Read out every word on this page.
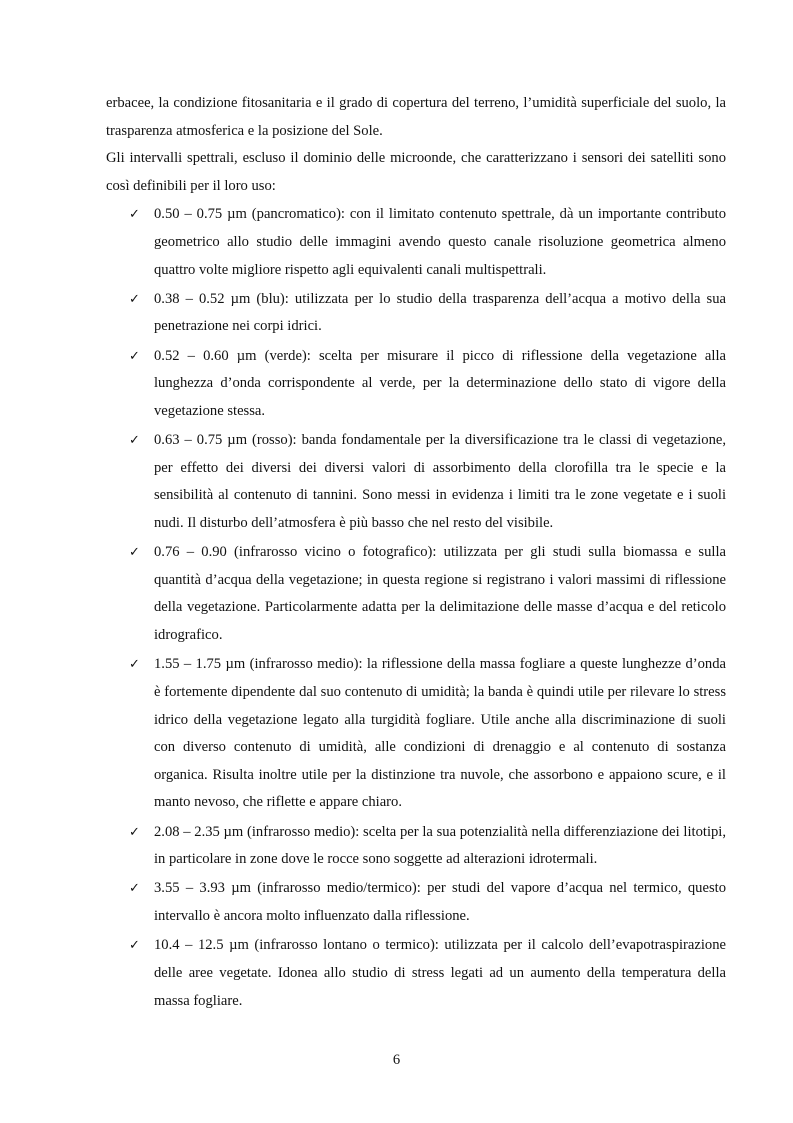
erbacee, la condizione fitosanitaria e il grado di copertura del terreno, l’umidità superficiale del suolo, la trasparenza atmosferica e la posizione del Sole.

Gli intervalli spettrali, escluso il dominio delle microonde, che caratterizzano i sensori dei satelliti sono così definibili per il loro uso:

✓ 0.50 – 0.75 µm (pancromatico): con il limitato contenuto spettrale, dà un importante contributo geometrico allo studio delle immagini avendo questo canale risoluzione geometrica almeno quattro volte migliore rispetto agli equivalenti canali multispettrali.
✓ 0.38 – 0.52 µm (blu): utilizzata per lo studio della trasparenza dell’acqua a motivo della sua penetrazione nei corpi idrici.
✓ 0.52 – 0.60 µm (verde): scelta per misurare il picco di riflessione della vegetazione alla lunghezza d’onda corrispondente al verde, per la determinazione dello stato di vigore della vegetazione stessa.
✓ 0.63 – 0.75 µm (rosso): banda fondamentale per la diversificazione tra le classi di vegetazione, per effetto dei diversi dei diversi valori di assorbimento della clorofilla tra le specie e la sensibilità al contenuto di tannini. Sono messi in evidenza i limiti tra le zone vegetate e i suoli nudi. Il disturbo dell’atmosfera è più basso che nel resto del visibile.
✓ 0.76 – 0.90 (infrarosso vicino o fotografico): utilizzata per gli studi sulla biomassa e sulla quantità d’acqua della vegetazione; in questa regione si registrano i valori massimi di riflessione della vegetazione. Particolarmente adatta per la delimitazione delle masse d’acqua e del reticolo idrografico.
✓ 1.55 – 1.75 µm (infrarosso medio): la riflessione della massa fogliare a queste lunghezze d’onda è fortemente dipendente dal suo contenuto di umidità; la banda è quindi utile per rilevare lo stress idrico della vegetazione legato alla turgidità fogliare. Utile anche alla discriminazione di suoli con diverso contenuto di umidità, alle condizioni di drenaggio e al contenuto di sostanza organica. Risulta inoltre utile per la distinzione tra nuvole, che assorbono e appaiono scure, e il manto nevoso, che riflette e appare chiaro.
✓ 2.08 – 2.35 µm (infrarosso medio): scelta per la sua potenzialità nella differenziazione dei litotipi, in particolare in zone dove le rocce sono soggette ad alterazioni idrotermali.
✓ 3.55 – 3.93 µm (infrarosso medio/termico): per studi del vapore d’acqua nel termico, questo intervallo è ancora molto influenzato dalla riflessione.
✓ 10.4 – 12.5 µm (infrarosso lontano o termico): utilizzata per il calcolo dell’evapotraspirazione delle aree vegetate. Idonea allo studio di stress legati ad un aumento della temperatura della massa fogliare.
6
